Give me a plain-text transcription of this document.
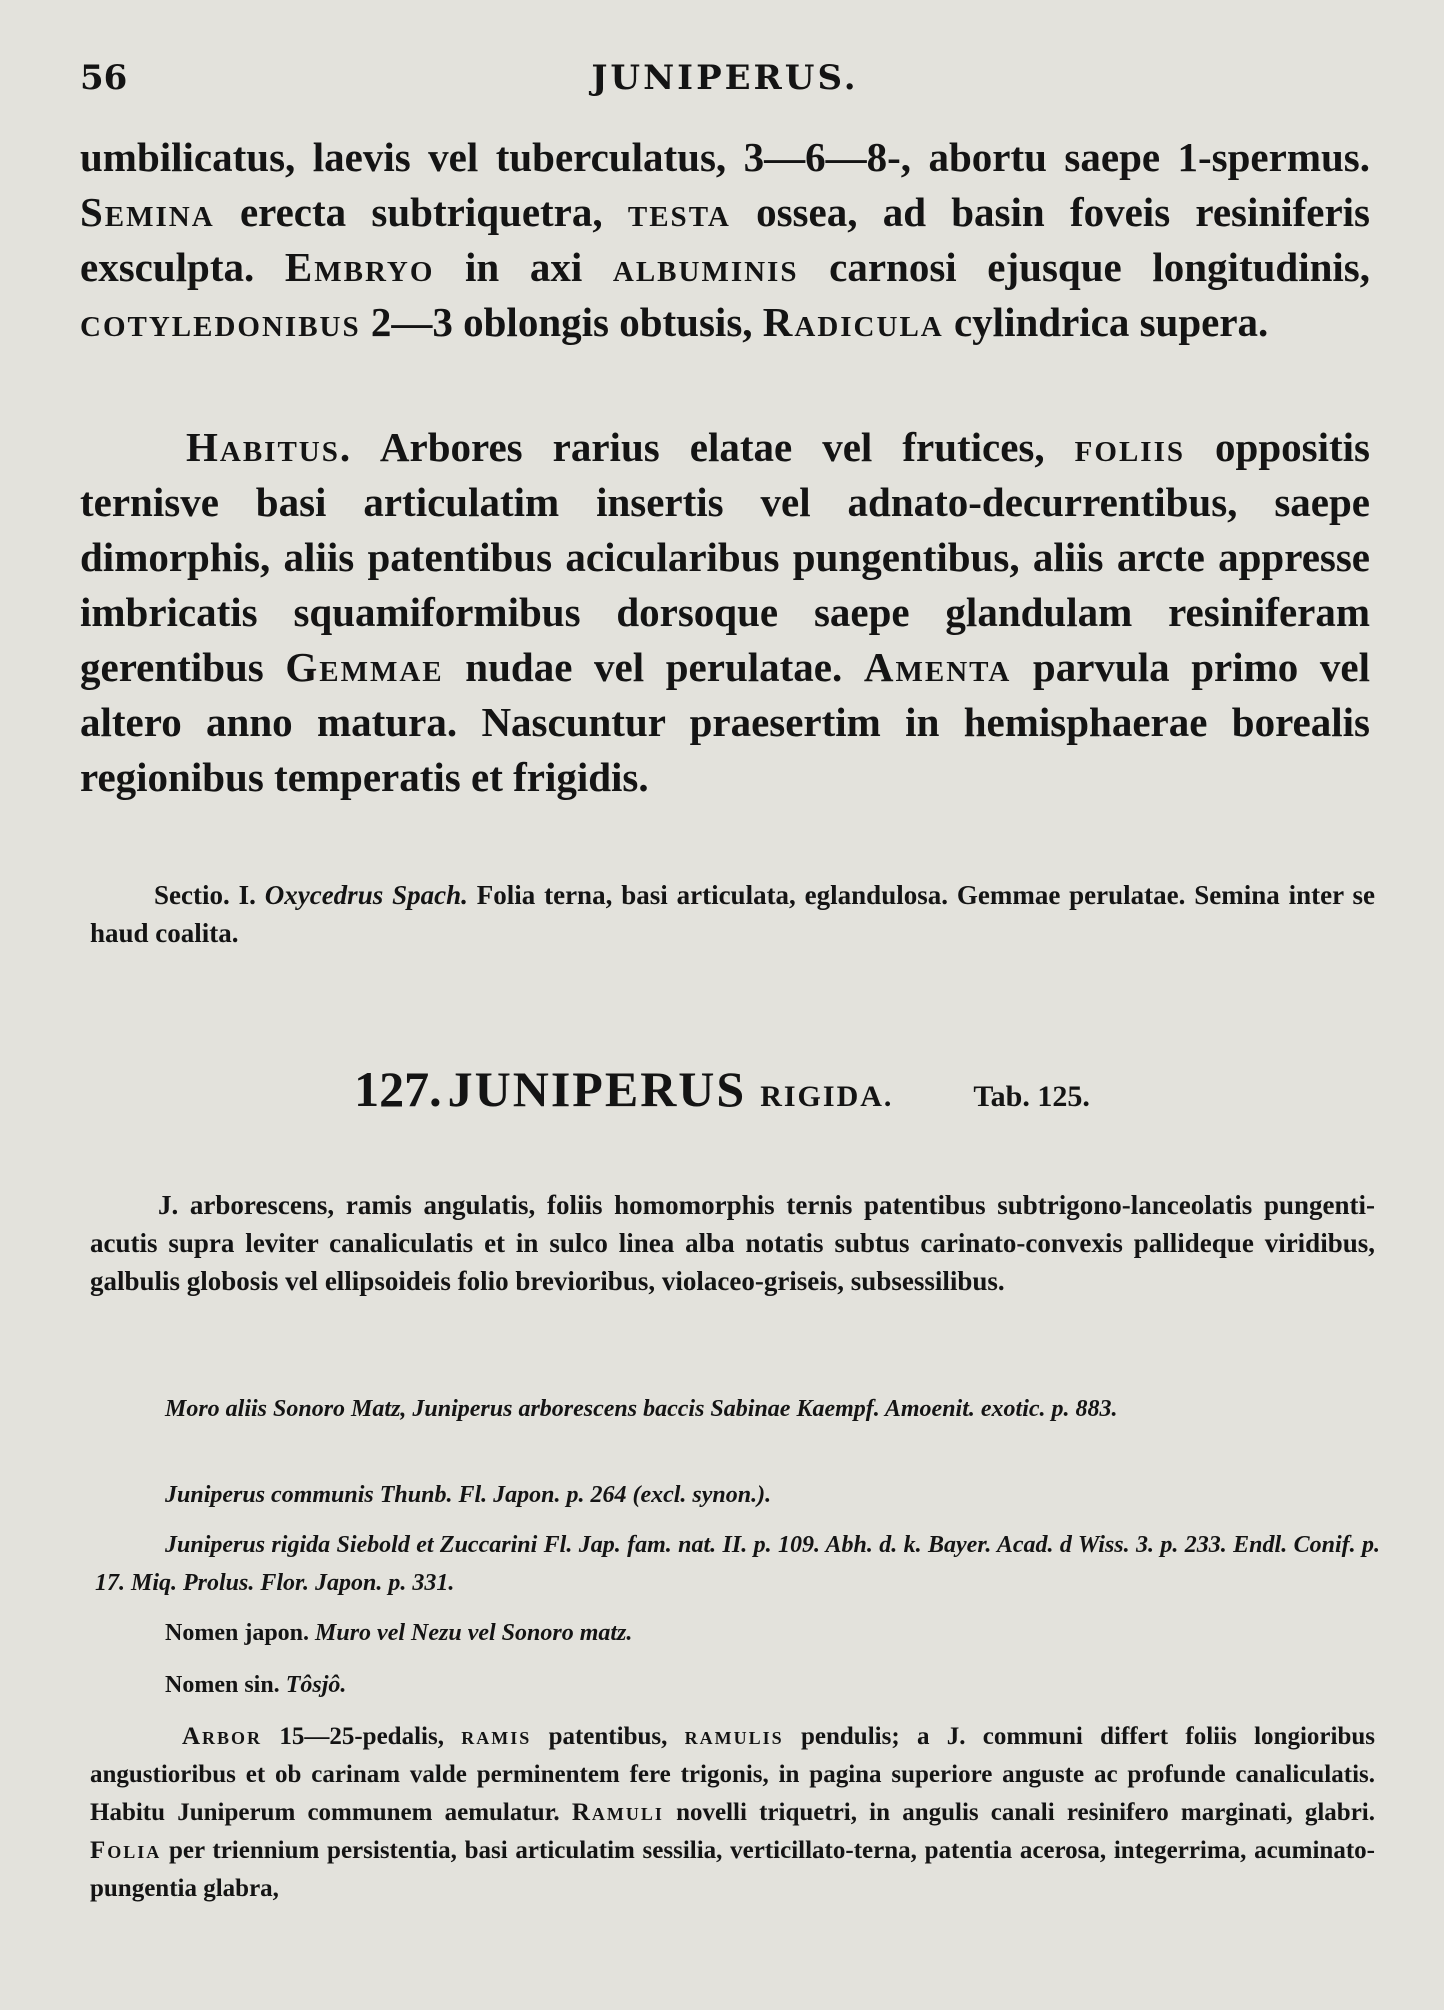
56	JUNIPERUS.

umbilicatus, laevis vel tuberculatus, 3—6—8-, abortu saepe 1-spermus. Semina erecta subtriquetra, testa ossea, ad basin foveis resiniferis exsculpta. Embryo in axi albuminis carnosi ejusque longitudinis, cotyledonibus 2—3 oblongis obtusis, Radicula cylindrica supera.

Habitus. Arbores rarius elatae vel frutices, foliis oppositis ternisve basi articulatim insertis vel adnato-decurrentibus, saepe dimorphis, aliis patentibus acicularibus pungentibus, aliis arcte appresse imbricatis squamiformibus dorsoque saepe glandulam resiniferam gerentibus Gemmae nudae vel perulatae. Amenta parvula primo vel altero anno matura. Nascuntur praesertim in hemisphaerae borealis regionibus temperatis et frigidis.

Sectio. I. Oxycedrus Spach. Folia terna, basi articulata, eglandulosa. Gemmae perulatae. Semina inter se haud coalita.

127. JUNIPERUS RIGIDA.	Tab. 125.

J. arborescens, ramis angulatis, foliis homomorphis ternis patentibus subtrigono-lanceolatis pungenti-acutis supra leviter canaliculatis et in sulco linea alba notatis subtus carinato-convexis pallideque viridibus, galbulis globosis vel ellipsoideis folio brevioribus, violaceo-griseis, subsessilibus.

Moro aliis Sonoro Matz, Juniperus arborescens baccis Sabinae Kaempf. Amoenit. exotic. p. 883.

Juniperus communis Thunb. Fl. Japon. p. 264 (excl. synon.).

Juniperus rigida Siebold et Zuccarini Fl. Jap. fam. nat. II. p. 109. Abh. d. k. Bayer. Acad. d Wiss. 3. p. 233. Endl. Conif. p. 17. Miq. Prolus. Flor. Japon. p. 331.

Nomen japon. Muro vel Nezu vel Sonoro matz.

Nomen sin. Tôsjô.

Arbor 15—25-pedalis, ramis patentibus, ramulis pendulis; a J. communi differt foliis longioribus angustioribus et ob carinam valde perminentem fere trigonis, in pagina superiore anguste ac profunde canaliculatis. Habitu Juniperum communem aemulatur. Ramuli novelli triquetri, in angulis canali resinifero marginati, glabri. Folia per triennium persistentia, basi articulatim sessilia, verticillato-terna, patentia acerosa, integerrima, acuminato-pungentia glabra,
